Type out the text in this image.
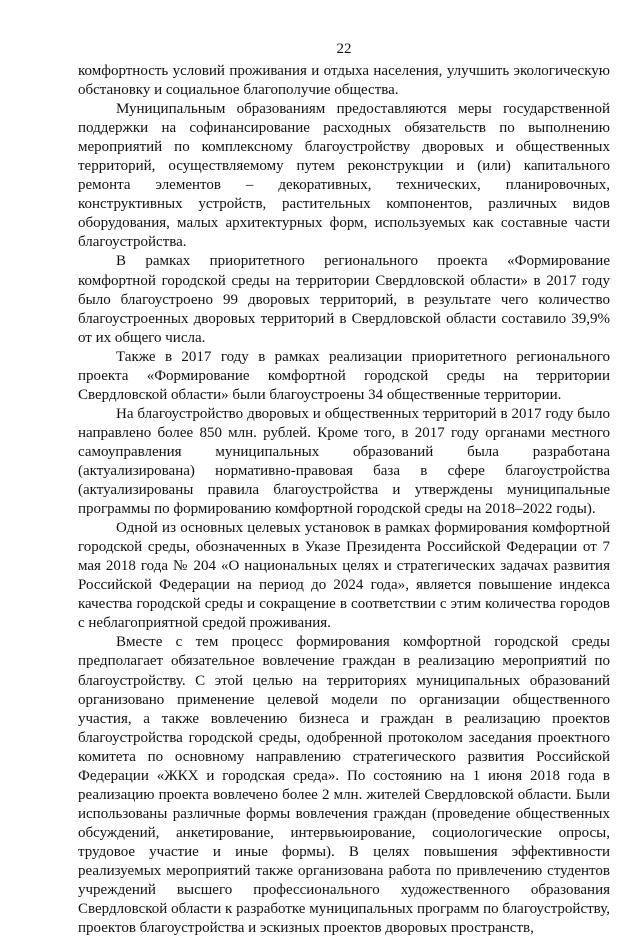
22

комфортность условий проживания и отдыха населения, улучшить экологическую обстановку и социальное благополучие общества.

Муниципальным образованиям предоставляются меры государственной поддержки на софинансирование расходных обязательств по выполнению мероприятий по комплексному благоустройству дворовых и общественных территорий, осуществляемому путем реконструкции и (или) капитального ремонта элементов – декоративных, технических, планировочных, конструктивных устройств, растительных компонентов, различных видов оборудования, малых архитектурных форм, используемых как составные части благоустройства.

В рамках приоритетного регионального проекта «Формирование комфортной городской среды на территории Свердловской области» в 2017 году было благоустроено 99 дворовых территорий, в результате чего количество благоустроенных дворовых территорий в Свердловской области составило 39,9% от их общего числа.

Также в 2017 году в рамках реализации приоритетного регионального проекта «Формирование комфортной городской среды на территории Свердловской области» были благоустроены 34 общественные территории.

На благоустройство дворовых и общественных территорий в 2017 году было направлено более 850 млн. рублей. Кроме того, в 2017 году органами местного самоуправления муниципальных образований была разработана (актуализирована) нормативно-правовая база в сфере благоустройства (актуализированы правила благоустройства и утверждены муниципальные программы по формированию комфортной городской среды на 2018–2022 годы).

Одной из основных целевых установок в рамках формирования комфортной городской среды, обозначенных в Указе Президента Российской Федерации от 7 мая 2018 года № 204 «О национальных целях и стратегических задачах развития Российской Федерации на период до 2024 года», является повышение индекса качества городской среды и сокращение в соответствии с этим количества городов с неблагоприятной средой проживания.

Вместе с тем процесс формирования комфортной городской среды предполагает обязательное вовлечение граждан в реализацию мероприятий по благоустройству. С этой целью на территориях муниципальных образований организовано применение целевой модели по организации общественного участия, а также вовлечению бизнеса и граждан в реализацию проектов благоустройства городской среды, одобренной протоколом заседания проектного комитета по основному направлению стратегического развития Российской Федерации «ЖКХ и городская среда». По состоянию на 1 июня 2018 года в реализацию проекта вовлечено более 2 млн. жителей Свердловской области. Были использованы различные формы вовлечения граждан (проведение общественных обсуждений, анкетирование, интервьюирование, социологические опросы, трудовое участие и иные формы). В целях повышения эффективности реализуемых мероприятий также организована работа по привлечению студентов учреждений высшего профессионального художественного образования Свердловской области к разработке муниципальных программ по благоустройству, проектов благоустройства и эскизных проектов дворовых пространств,
